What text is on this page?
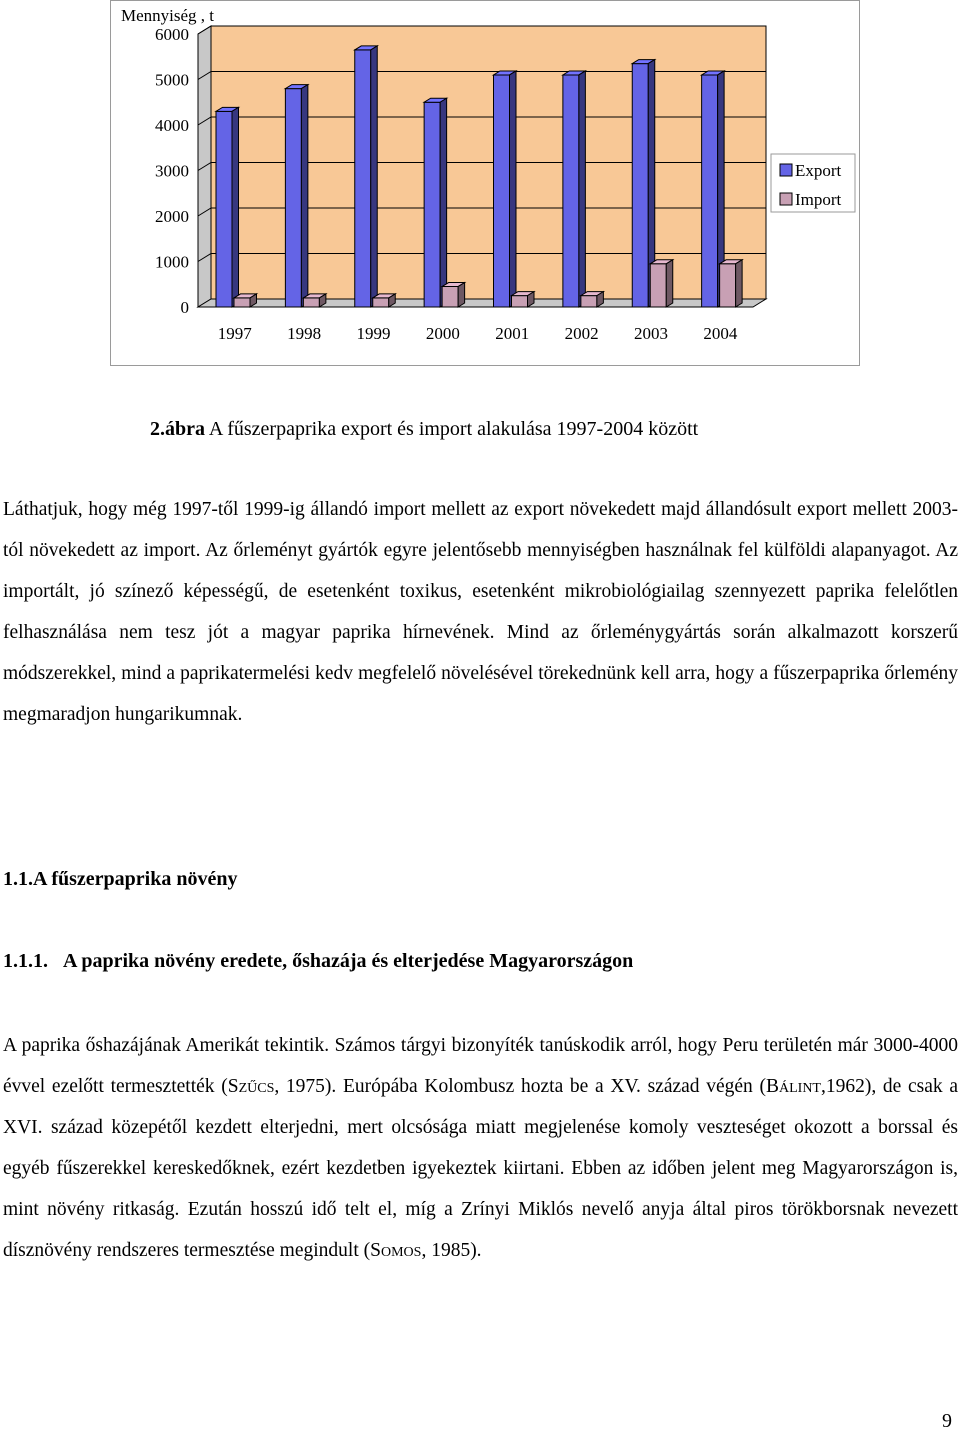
0
1000
2000
3000
4000
5000
6000
Mennyiség , t
1997 1998 1999 2000 2001 2002 2003 2004
Export
Import
2.ábra A fűszerpaprika export és import alakulása 1997-2004 között

Láthatjuk, hogy még 1997-től 1999-ig állandó import mellett az export növekedett majd állandósult export mellett 2003-tól növekedett az import. Az őrleményt gyártók egyre jelentősebb mennyiségben használnak fel külföldi alapanyagot. Az importált, jó színező képességű, de esetenként toxikus, esetenként mikrobiológiailag szennyezett paprika felelőtlen felhasználása nem tesz jót a magyar paprika hírnevének. Mind az őrleménygyártás során alkalmazott korszerű módszerekkel, mind a paprikatermelési kedv megfelelő növelésével törekednünk kell arra, hogy a fűszerpaprika őrlemény megmaradjon hungarikumnak.

1.1.A fűszerpaprika növény

1.1.1. A paprika növény eredete, őshazája és elterjedése Magyarországon

A paprika őshazájának Amerikát tekintik. Számos tárgyi bizonyíték tanúskodik arról, hogy Peru területén már 3000-4000 évvel ezelőtt termesztették (Szűcs, 1975). Európába Kolombusz hozta be a XV. század végén (Bálint,1962), de csak a XVI. század közepétől kezdett elterjedni, mert olcsósága miatt megjelenése komoly veszteséget okozott a borssal és egyéb fűszerekkel kereskedőknek, ezért kezdetben igyekeztek kiirtani. Ebben az időben jelent meg Magyarországon is, mint növény ritkaság. Ezután hosszú idő telt el, míg a Zrínyi Miklós nevelő anyja által piros törökborsnak nevezett dísznövény rendszeres termesztése megindult (Somos, 1985).

9
